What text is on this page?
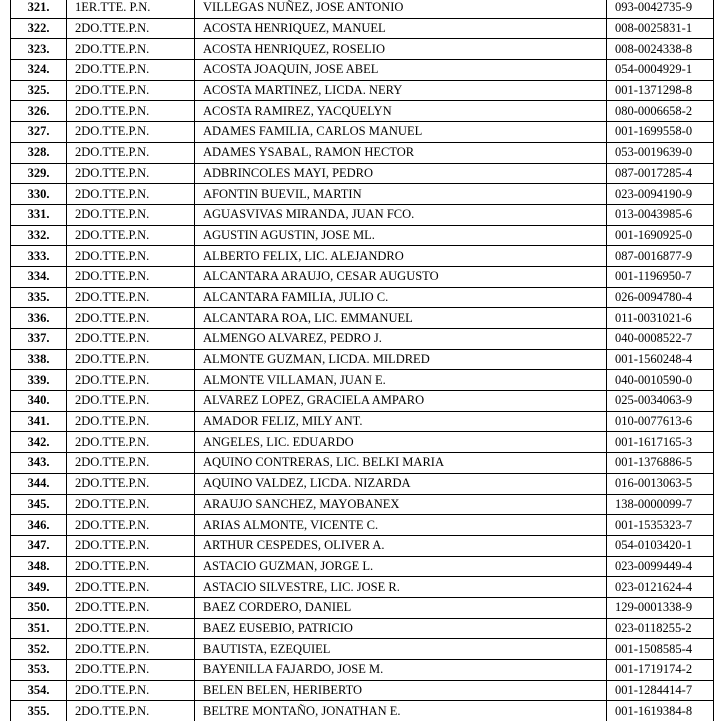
321.	1ER.TTE. P.N.	VILLEGAS NUÑEZ, JOSE ANTONIO	093-0042735-9
322.	2DO.TTE.P.N.	ACOSTA HENRIQUEZ, MANUEL	008-0025831-1
323.	2DO.TTE.P.N.	ACOSTA HENRIQUEZ, ROSELIO	008-0024338-8
324.	2DO.TTE.P.N.	ACOSTA JOAQUIN, JOSE ABEL	054-0004929-1
325.	2DO.TTE.P.N.	ACOSTA MARTINEZ, LICDA. NERY	001-1371298-8
326.	2DO.TTE.P.N.	ACOSTA RAMIREZ, YACQUELYN	080-0006658-2
327.	2DO.TTE.P.N.	ADAMES FAMILIA, CARLOS MANUEL	001-1699558-0
328.	2DO.TTE.P.N.	ADAMES YSABAL, RAMON HECTOR	053-0019639-0
329.	2DO.TTE.P.N.	ADBRINCOLES MAYI, PEDRO	087-0017285-4
330.	2DO.TTE.P.N.	AFONTIN BUEVIL, MARTIN	023-0094190-9
331.	2DO.TTE.P.N.	AGUASVIVAS MIRANDA, JUAN FCO.	013-0043985-6
332.	2DO.TTE.P.N.	AGUSTIN AGUSTIN, JOSE ML.	001-1690925-0
333.	2DO.TTE.P.N.	ALBERTO FELIX, LIC. ALEJANDRO	087-0016877-9
334.	2DO.TTE.P.N.	ALCANTARA ARAUJO, CESAR AUGUSTO	001-1196950-7
335.	2DO.TTE.P.N.	ALCANTARA FAMILIA, JULIO C.	026-0094780-4
336.	2DO.TTE.P.N.	ALCANTARA ROA, LIC. EMMANUEL	011-0031021-6
337.	2DO.TTE.P.N.	ALMENGO ALVAREZ, PEDRO J.	040-0008522-7
338.	2DO.TTE.P.N.	ALMONTE GUZMAN, LICDA. MILDRED	001-1560248-4
339.	2DO.TTE.P.N.	ALMONTE VILLAMAN, JUAN E.	040-0010590-0
340.	2DO.TTE.P.N.	ALVAREZ LOPEZ, GRACIELA AMPARO	025-0034063-9
341.	2DO.TTE.P.N.	AMADOR FELIZ, MILY ANT.	010-0077613-6
342.	2DO.TTE.P.N.	ANGELES, LIC. EDUARDO	001-1617165-3
343.	2DO.TTE.P.N.	AQUINO CONTRERAS, LIC. BELKI MARIA	001-1376886-5
344.	2DO.TTE.P.N.	AQUINO VALDEZ, LICDA. NIZARDA	016-0013063-5
345.	2DO.TTE.P.N.	ARAUJO SANCHEZ, MAYOBANEX	138-0000099-7
346.	2DO.TTE.P.N.	ARIAS ALMONTE, VICENTE C.	001-1535323-7
347.	2DO.TTE.P.N.	ARTHUR CESPEDES, OLIVER A.	054-0103420-1
348.	2DO.TTE.P.N.	ASTACIO GUZMAN, JORGE L.	023-0099449-4
349.	2DO.TTE.P.N.	ASTACIO SILVESTRE, LIC. JOSE R.	023-0121624-4
350.	2DO.TTE.P.N.	BAEZ CORDERO, DANIEL	129-0001338-9
351.	2DO.TTE.P.N.	BAEZ EUSEBIO, PATRICIO	023-0118255-2
352.	2DO.TTE.P.N.	BAUTISTA, EZEQUIEL	001-1508585-4
353.	2DO.TTE.P.N.	BAYENILLA FAJARDO, JOSE M.	001-1719174-2
354.	2DO.TTE.P.N.	BELEN BELEN, HERIBERTO	001-1284414-7
355.	2DO.TTE.P.N.	BELTRE MONTAÑO, JONATHAN E.	001-1619384-8
